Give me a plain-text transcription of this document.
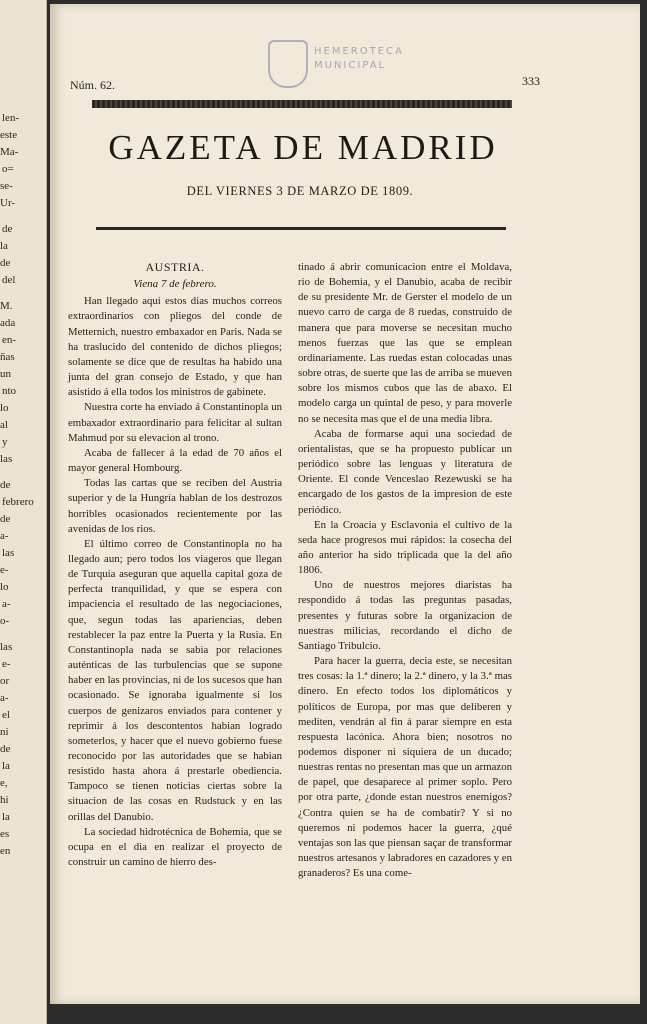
len-
este
Ma-
o=
se-
Ur-
de
la
de
del
M.
ada
en-
ñas
un
nto
lo
al
y
las
de
febrero
de
a-
las
e-
lo
a-
o-
las
e-
or
a-
el
ni
de
la
e,
hi
la
es
en
HEMEROTECA
MUNICIPAL
Núm. 62.	333
GAZETA DE MADRID
DEL VIERNES 3 DE MARZO DE 1809.
AUSTRIA.
Viena 7 de febrero.

Han llegado aqui estos dias muchos correos extraordinarios con pliegos del conde de Metternich, nuestro embaxador en Paris. Nada se ha traslucido del contenido de dichos pliegos; solamente se dice que de resultas ha habido una junta del gran consejo de Estado, y que han asistido á ella todos los ministros de gabinete.

Nuestra corte ha enviado á Constantinopla un embaxador extraordinario para felicitar al sultan Mahmud por su elevacion al trono.

Acaba de fallecer á la edad de 70 años el mayor general Hombourg.

Todas las cartas que se reciben del Austria superior y de la Hungría hablan de los destrozos horribles ocasionados recientemente por las avenidas de los rios.

El último correo de Constantinopla no ha llegado aun; pero todos los viageros que llegan de Turquía aseguran que aquella capital goza de perfecta tranquilidad, y que se espera con impaciencia el resultado de las negociaciones, que, segun todas las apariencias, deben restablecer la paz entre la Puerta y la Rusia. En Constantinopla nada se sabia por relaciones auténticas de las turbulencias que se supone haber en las provincias, ni de los sucesos que han ocasionado. Se ignoraba igualmente si los cuerpos de genizaros enviados para contener y reprimir á los descontentos habian logrado someterlos, y hacer que el nuevo gobierno fuese reconocido por las autoridades que se habian resistido hasta ahora á prestarle obediencia. Tampoco se tienen noticias ciertas sobre la situacion de las cosas en Rudstuck y en las orillas del Danubio.

La sociedad hidrotécnica de Bohemia, que se ocupa en el dia en realizar el proyecto de construir un camino de hierro des-

tinado á abrir comunicacion entre el Moldava, rio de Bohemia, y el Danubio, acaba de recibir de su presidente Mr. de Gerster el modelo de un nuevo carro de carga de 8 ruedas, construido de manera que para moverse se necesitan mucho menos fuerzas que las que se emplean ordinariamente. Las ruedas estan colocadas unas sobre otras, de suerte que las de arriba se mueven sobre los mismos cubos que las de abaxo. El modelo carga un quintal de peso, y para moverle no se necesita mas que el de una media libra.

Acaba de formarse aqui una sociedad de orientalistas, que se ha propuesto publicar un periódico sobre las lenguas y literatura de Oriente. El conde Venceslao Rezewuski se ha encargado de los gastos de la impresion de este periódico.

En la Croacia y Esclavonia el cultivo de la seda hace progresos mui rápidos: la cosecha del año anterior ha sido triplicada que la del año 1806.

Uno de nuestros mejores diaristas ha respondido á todas las preguntas pasadas, presentes y futuras sobre la organizacion de nuestras milicias, recordando el dicho de Santiago Tribulcio.

Para hacer la guerra, decia este, se necesitan tres cosas: la 1.ª dinero; la 2.ª dinero, y la 3.ª mas dinero. En efecto todos los diplomáticos y políticos de Europa, por mas que deliberen y mediten, vendrán al fin á parar siempre en esta respuesta lacónica. Ahora bien; nosotros no podemos disponer ni siquiera de un ducado; nuestras rentas no presentan mas que un armazon de papel, que desaparece al primer soplo. Pero por otra parte, ¿donde estan nuestros enemigos? ¿Contra quien se ha de combatir? Y si no queremos ni podemos hacer la guerra, ¿qué ventajas son las que piensan saçar de transformar nuestros artesanos y labradores en cazadores y en granaderos? Es una come-
